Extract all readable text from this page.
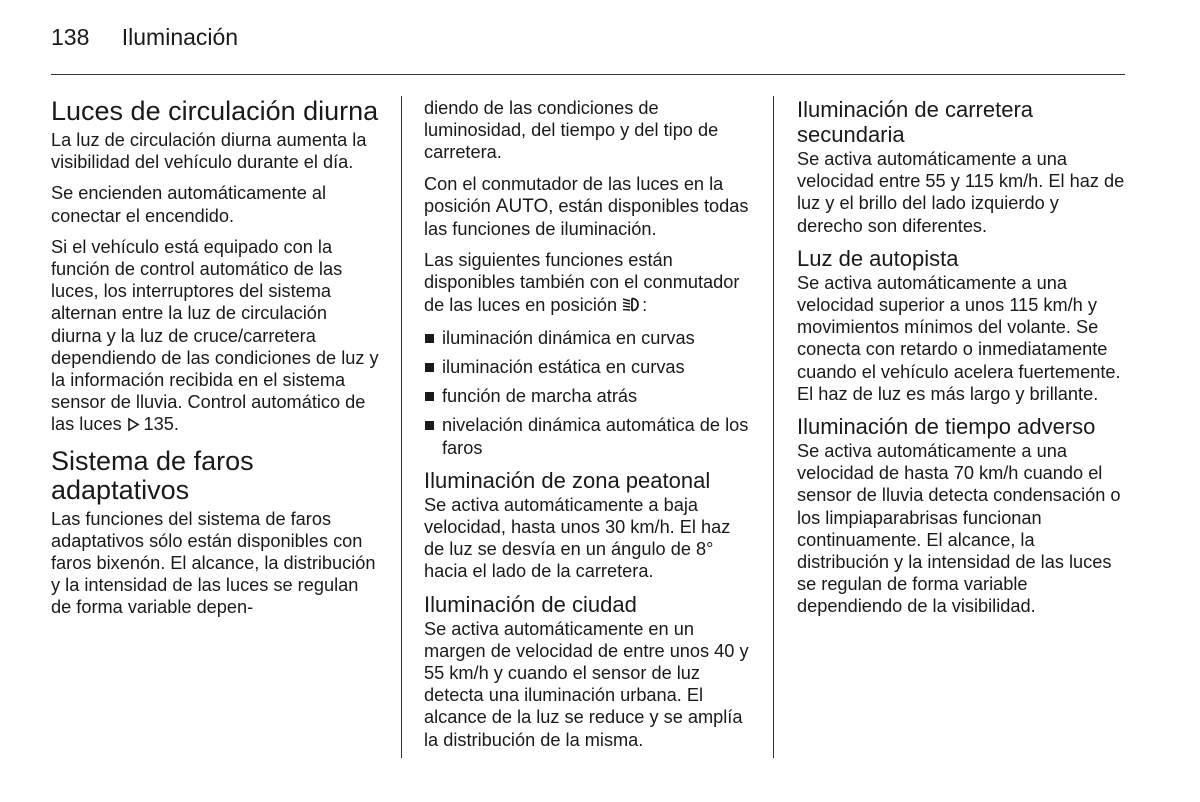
138 Iluminación
Luces de circulación diurna

La luz de circulación diurna aumenta la visibilidad del vehículo durante el día.

Se encienden automáticamente al conectar el encendido.

Si el vehículo está equipado con la función de control automático de las luces, los interruptores del sistema alternan entre la luz de circulación diurna y la luz de cruce/carretera dependiendo de las condiciones de luz y la información recibida en el sistema sensor de lluvia. Control automático de las luces  135.

Sistema de faros adaptativos

Las funciones del sistema de faros adaptativos sólo están disponibles con faros bixenón. El alcance, la distribución y la intensidad de las luces se regulan de forma variable depen-

diendo de las condiciones de luminosidad, del tiempo y del tipo de carretera.

Con el conmutador de las luces en la posición AUTO, están disponibles todas las funciones de iluminación.

Las siguientes funciones están disponibles también con el conmutador de las luces en posición :

iluminación dinámica en curvas
iluminación estática en curvas
función de marcha atrás
nivelación dinámica automática de los faros
Iluminación de zona peatonal

Se activa automáticamente a baja velocidad, hasta unos 30 km/h. El haz de luz se desvía en un ángulo de 8° hacia el lado de la carretera.

Iluminación de ciudad

Se activa automáticamente en un margen de velocidad de entre unos 40 y 55 km/h y cuando el sensor de luz detecta una iluminación urbana. El alcance de la luz se reduce y se amplía la distribución de la misma.

Iluminación de carretera secundaria

Se activa automáticamente a una velocidad entre 55 y 115 km/h. El haz de luz y el brillo del lado izquierdo y derecho son diferentes.

Luz de autopista

Se activa automáticamente a una velocidad superior a unos 115 km/h y movimientos mínimos del volante. Se conecta con retardo o inmediatamente cuando el vehículo acelera fuertemente. El haz de luz es más largo y brillante.

Iluminación de tiempo adverso

Se activa automáticamente a una velocidad de hasta 70 km/h cuando el sensor de lluvia detecta condensación o los limpiaparabrisas funcionan continuamente. El alcance, la distribución y la intensidad de las luces se regulan de forma variable dependiendo de la visibilidad.
